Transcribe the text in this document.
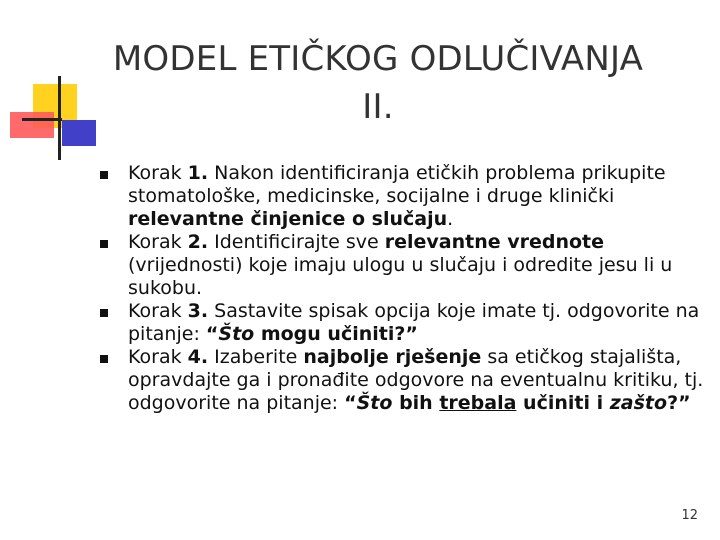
MODEL ETIČKOG ODLUČIVANJA
II.
Korak 1. Nakon identificiranja etičkih problema prikupite stomatološke, medicinske, socijalne i druge klinički relevantne činjenice o slučaju.
Korak 2. Identificirajte sve relevantne vrednote (vrijednosti) koje imaju ulogu u slučaju i odredite jesu li u sukobu.
Korak 3. Sastavite spisak opcija koje imate tj. odgovorite na pitanje: “Što mogu učiniti?”
Korak 4. Izaberite najbolje rješenje sa etičkog stajališta, opravdajte ga i pronađite odgovore na eventualnu kritiku, tj. odgovorite na pitanje: “Što bih trebala učiniti i zašto?”
12
